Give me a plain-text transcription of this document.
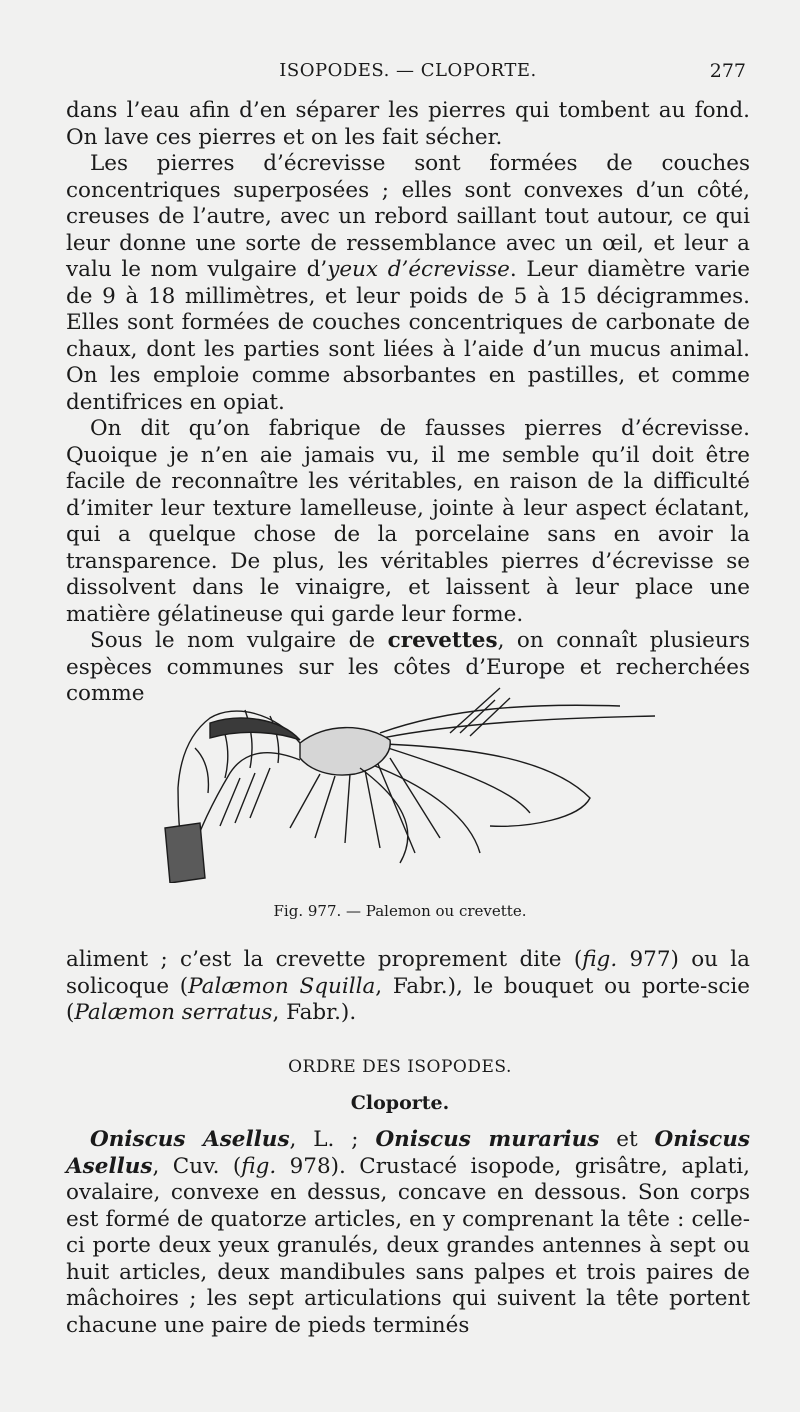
ISOPODES. — CLOPORTE.	277

dans l’eau afin d’en séparer les pierres qui tombent au fond. On lave ces pierres et on les fait sécher.

Les pierres d’écrevisse sont formées de couches concentriques superposées ; elles sont convexes d’un côté, creuses de l’autre, avec un rebord saillant tout autour, ce qui leur donne une sorte de ressemblance avec un œil, et leur a valu le nom vulgaire d’yeux d’écrevisse. Leur diamètre varie de 9 à 18 millimètres, et leur poids de 5 à 15 décigrammes. Elles sont formées de couches concentriques de carbonate de chaux, dont les parties sont liées à l’aide d’un mucus animal. On les emploie comme absorbantes en pastilles, et comme dentifrices en opiat.

On dit qu’on fabrique de fausses pierres d’écrevisse. Quoique je n’en aie jamais vu, il me semble qu’il doit être facile de reconnaître les véritables, en raison de la difficulté d’imiter leur texture lamelleuse, jointe à leur aspect éclatant, qui a quelque chose de la porcelaine sans en avoir la transparence. De plus, les véritables pierres d’écrevisse se dissolvent dans le vinaigre, et laissent à leur place une matière gélatineuse qui garde leur forme.

Sous le nom vulgaire de crevettes, on connaît plusieurs espèces communes sur les côtes d’Europe et recherchées comme

Fig. 977. — Palemon ou crevette.

aliment ; c’est la crevette proprement dite (fig. 977) ou la solicoque (Palæmon Squilla, Fabr.), le bouquet ou porte-scie (Palæmon serratus, Fabr.).

ORDRE DES ISOPODES.
Cloporte.

Oniscus Asellus, L. ; Oniscus murarius et Oniscus Asellus, Cuv. (fig. 978). Crustacé isopode, grisâtre, aplati, ovalaire, convexe en dessus, concave en dessous. Son corps est formé de quatorze articles, en y comprenant la tête : celle-ci porte deux yeux granulés, deux grandes antennes à sept ou huit articles, deux mandibules sans palpes et trois paires de mâchoires ; les sept articulations qui suivent la tête portent chacune une paire de pieds terminés
